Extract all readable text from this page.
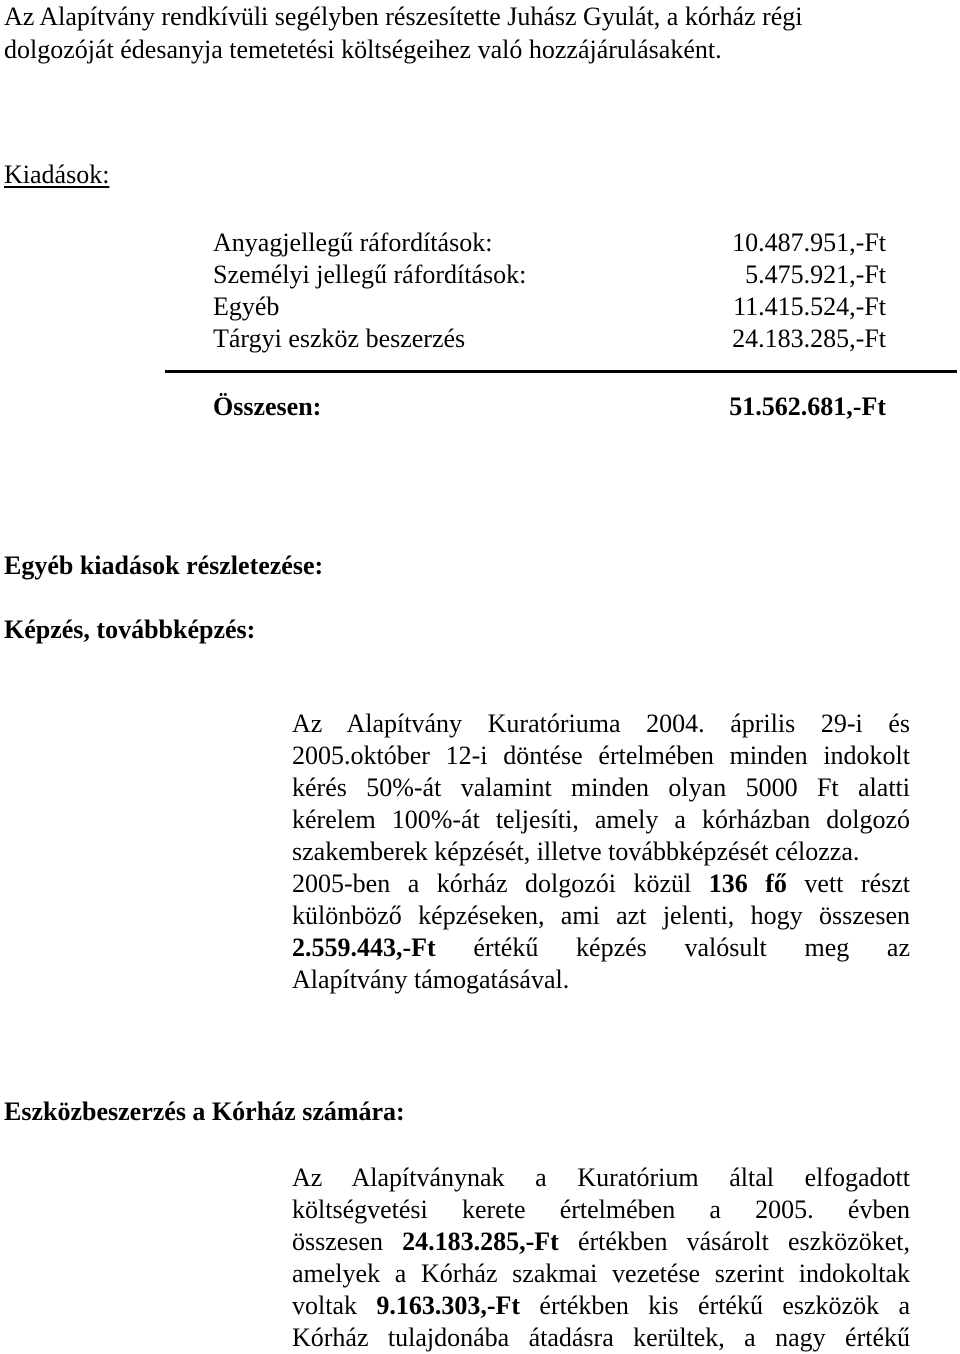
Az Alapítvány rendkívüli segélyben részesítette Juhász Gyulát, a kórház régi
dolgozóját édesanyja temetetési költségeihez való hozzájárulásaként.
Kiadások:
Anyagjellegű ráfordítások:	10.487.951,-Ft
Személyi jellegű ráfordítások:	5.475.921,-Ft
Egyéb	11.415.524,-Ft
Tárgyi eszköz beszerzés	24.183.285,-Ft
Összesen:	51.562.681,-Ft
Egyéb kiadások részletezése:
Képzés, továbbképzés:
Az Alapítvány Kuratóriuma 2004. április 29-i és
2005.október 12-i döntése értelmében minden indokolt
kérés 50%-át valamint minden olyan 5000 Ft alatti
kérelem 100%-át teljesíti, amely a kórházban dolgozó
szakemberek képzését, illetve továbbképzését célozza.
2005-ben a kórház dolgozói közül 136 fő vett részt
különböző képzéseken, ami azt jelenti, hogy összesen
2.559.443,-Ft értékű képzés valósult meg az
Alapítvány támogatásával.
Eszközbeszerzés a Kórház számára:
Az Alapítványnak a Kuratórium által elfogadott
költségvetési kerete értelmében a 2005. évben
összesen 24.183.285,-Ft értékben vásárolt eszközöket,
amelyek a Kórház szakmai vezetése szerint indokoltak
voltak 9.163.303,-Ft értékben kis értékű eszközök a
Kórház tulajdonába átadásra kerültek, a nagy értékű
